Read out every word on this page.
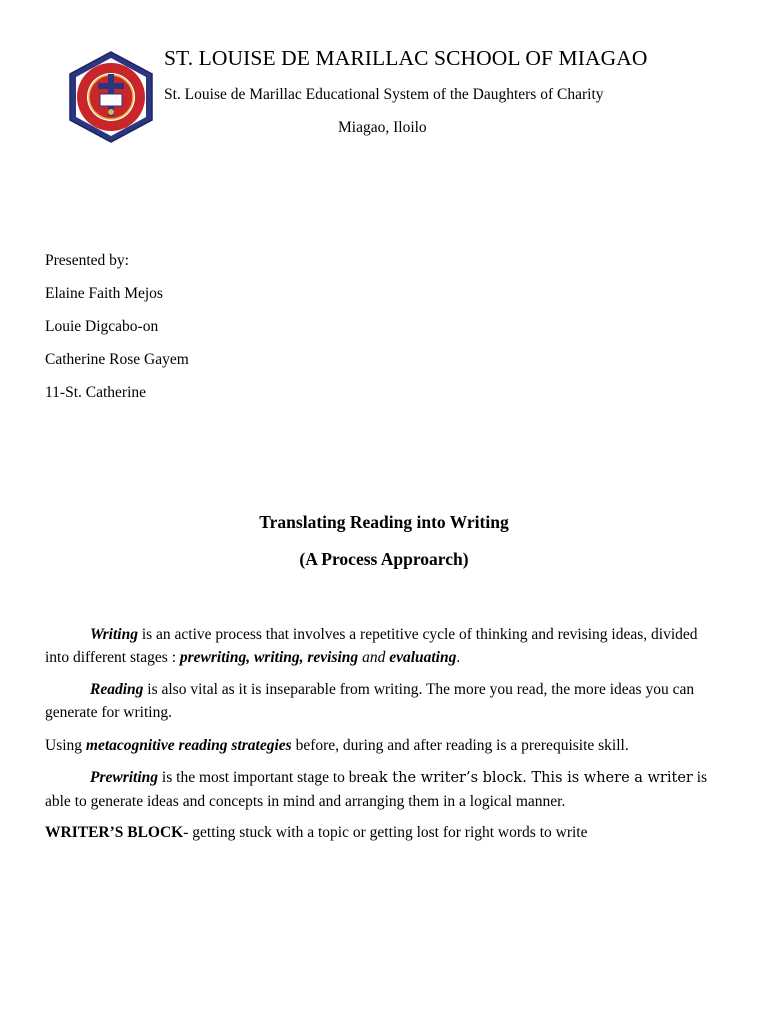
ST. LOUISE DE MARILLAC SCHOOL OF MIAGAO
St. Louise de Marillac Educational System of the Daughters of Charity
Miagao, Iloilo
Presented by:
Elaine Faith Mejos
Louie Digcabo-on
Catherine Rose Gayem
11-St. Catherine
Translating Reading into Writing
(A Process Approarch)
Writing is an active process that involves a repetitive cycle of thinking and revising ideas, divided into different stages : prewriting, writing, revising and evaluating.
Reading is also vital as it is inseparable from writing. The more you read, the more ideas you can generate for writing.
Using metacognitive reading strategies before, during and after reading is a prerequisite skill.
Prewriting is the most important stage to break the writer’s block. This is where a writer is able to generate ideas and concepts in mind and arranging them in a logical manner.
WRITER’S BLOCK- getting stuck with a topic or getting lost for right words to write
